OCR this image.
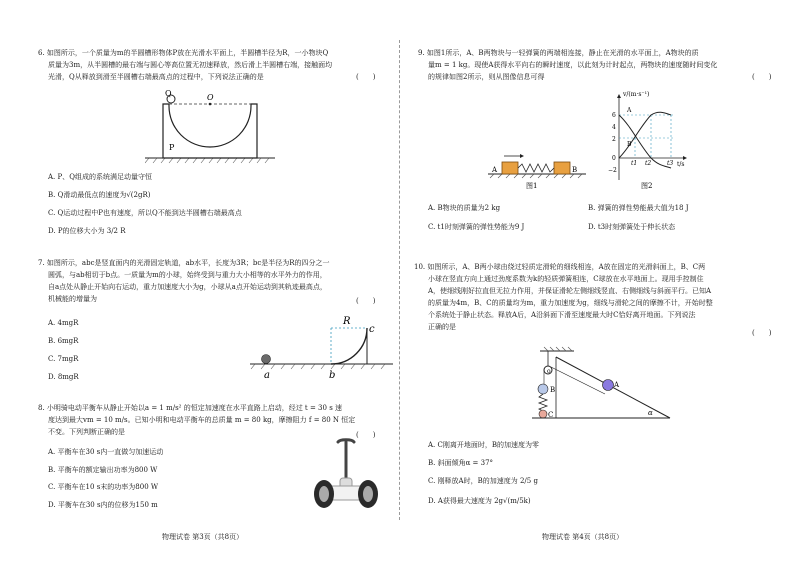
6. 如图所示，一个质量为m的半圆槽形物体P放在光滑水平面上，半圆槽半径为R，一小物块Q
质量为3m，从半圆槽的最右端与圆心等高位置无初速释放，然后滑上半圆槽右端，接触面均
光滑，Q从释放到滑至半圆槽右端最高点的过程中，下列说法正确的是	(　　)
Q	O
P
A. P、Q组成的系统满足动量守恒
B. Q滑动最低点的速度为√(2gR)
C. Q运动过程中P也有速度，所以Q不能到达半圆槽右端最高点
D. P的位移大小为 3/2 R
7. 如图所示，abc是竖直面内的光滑固定轨道，ab水平，长度为3R；bc是半径为R的四分之一
圆弧，与ab相切于b点。一质量为m的小球，始终受到与重力大小相等的水平外力的作用，
自a点处从静止开始向右运动，重力加速度大小为g，小球从a点开始运动到其轨迹最高点，
机械能的增量为	(　　)
A. 4mgR
B. 6mgR
C. 7mgR
D. 8mgR
R
c
a	b
8. 小明骑电动平衡车从静止开始以a = 1 m/s² 的恒定加速度在水平直路上启动，经过 t = 30 s 速
度达到最大vm = 10 m/s。已知小明和电动平衡车的总质量 m = 80 kg，摩擦阻力 f = 80 N 恒定
不变。下列判断正确的是	(　　)
A. 平衡车在30 s内一直做匀加速运动
B. 平衡车的额定输出功率为800 W
C. 平衡车在10 s末的功率为800 W
D. 平衡车在30 s内的位移为150 m
物理试卷 第3页（共8页）
9. 如图1所示，A、B两物块与一轻弹簧的两端相连接，静止在光滑的水平面上，A物块的质
量m = 1 kg。现使A获得水平向右的瞬时速度，以此刻为计时起点，两物块的速度随时间变化
的规律如图2所示，则从图像信息可得	(　　)
A	B
图1
v/(m·s⁻¹)
t/s
6
4
2
0
−2
t1 t2	t3
A
B
图2
A. B物块的质量为2 kg	B. 弹簧的弹性势能最大值为18 J
C. t1时刻弹簧的弹性势能为9 J	D. t3时刻弹簧处于伸长状态
10. 如图所示，A、B两小球由绕过轻质定滑轮的细线相连，A放在固定的光滑斜面上，B、C两
小球在竖直方向上通过劲度系数为k的轻质弹簧相连，C球放在水平地面上。现用手控制住
A，使细线刚好拉直但无拉力作用，并保证滑轮左侧细线竖直、右侧细线与斜面平行。已知A
的质量为4m，B、C的质量均为m，重力加速度为g，细线与滑轮之间的摩擦不计，开始时整
个系统处于静止状态。释放A后，A沿斜面下滑至速度最大时C恰好离开地面。下列说法
正确的是
(　　)
o
B
C
A
α
A. C刚离开地面时，B的加速度为零
B. 斜面倾角α = 37°
C. 刚释放A时，B的加速度为 2/5 g
D. A获得最大速度为 2g√(m/5k)
物理试卷 第4页（共8页）
